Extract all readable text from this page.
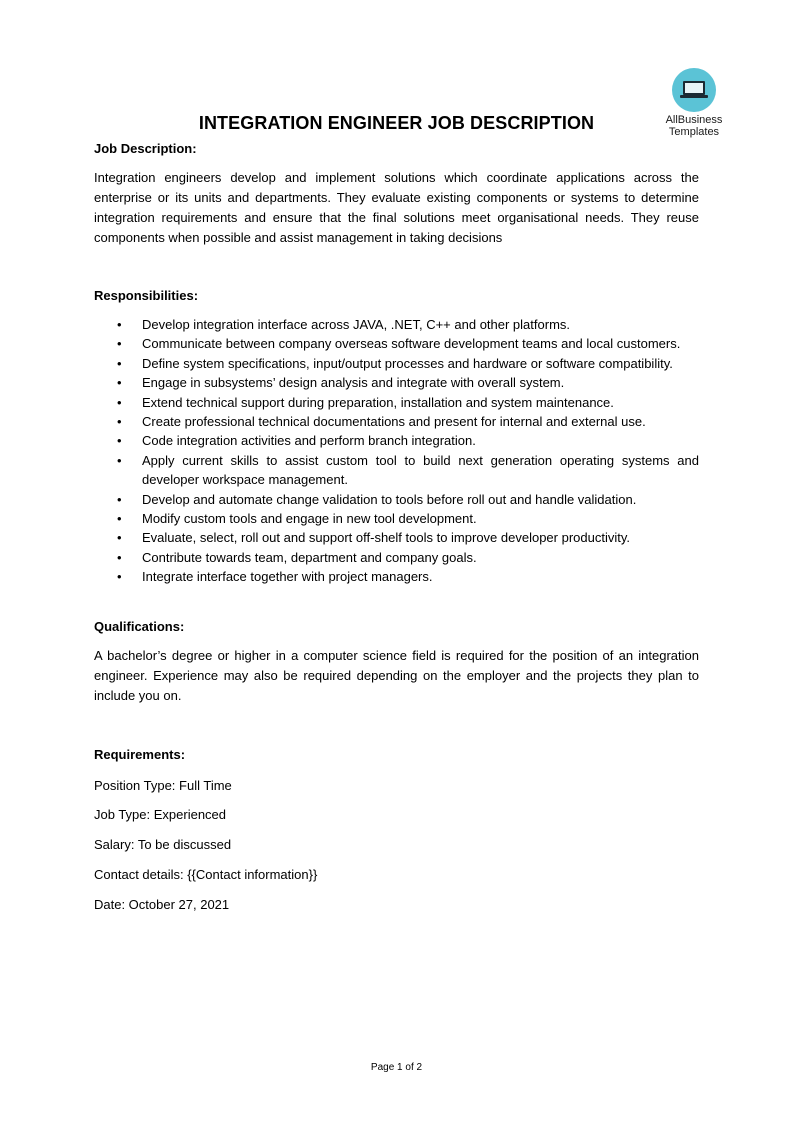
AllBusiness
Templates
INTEGRATION ENGINEER JOB DESCRIPTION
Job Description:
Integration engineers develop and implement solutions which coordinate applications across the enterprise or its units and departments. They evaluate existing components or systems to determine integration requirements and ensure that the final solutions meet organisational needs. They reuse components when possible and assist management in taking decisions
Responsibilities:
• Develop integration interface across JAVA, .NET, C++ and other platforms.
• Communicate between company overseas software development teams and local customers.
• Define system specifications, input/output processes and hardware or software compatibility.
• Engage in subsystems’ design analysis and integrate with overall system.
• Extend technical support during preparation, installation and system maintenance.
• Create professional technical documentations and present for internal and external use.
• Code integration activities and perform branch integration.
• Apply current skills to assist custom tool to build next generation operating systems and developer workspace management.
• Develop and automate change validation to tools before roll out and handle validation.
• Modify custom tools and engage in new tool development.
• Evaluate, select, roll out and support off-shelf tools to improve developer productivity.
• Contribute towards team, department and company goals.
• Integrate interface together with project managers.
Qualifications:
A bachelor’s degree or higher in a computer science field is required for the position of an integration engineer. Experience may also be required depending on the employer and the projects they plan to include you on.
Requirements:
Position Type: Full Time
Job Type: Experienced
Salary: To be discussed
Contact details: {{Contact information}}
Date: October 27, 2021
Page 1 of 2
